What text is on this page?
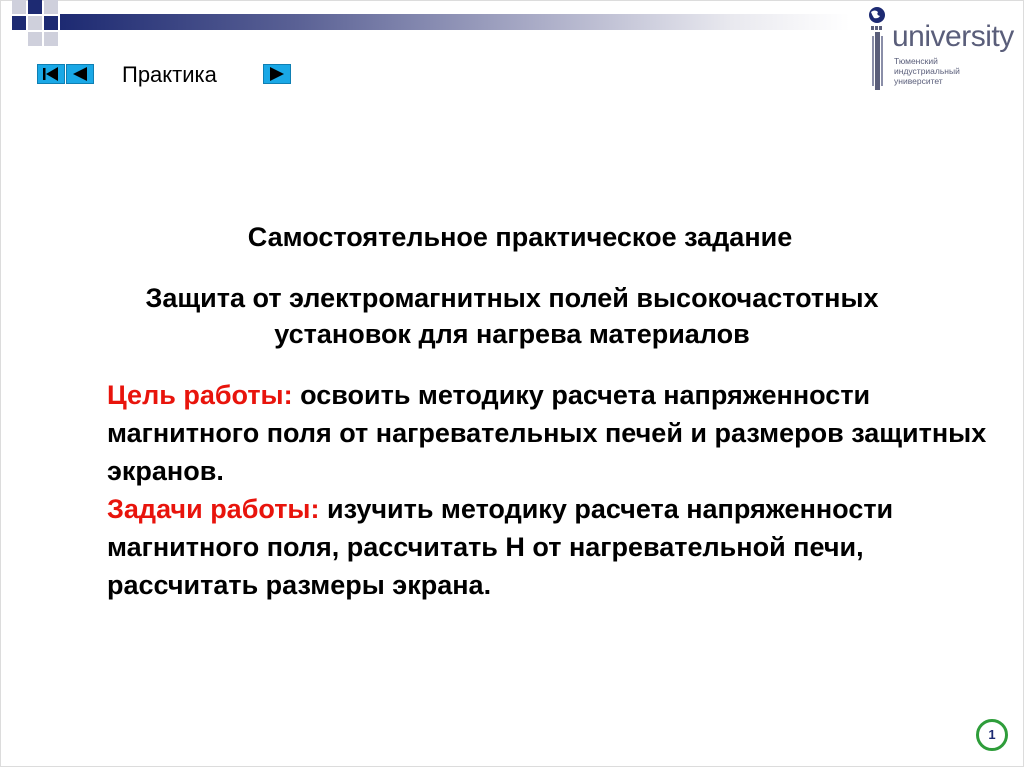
Практика
university
Тюменский
индустриальный
университет
Самостоятельное практическое задание
Защита от электромагнитных полей высокочастотных
установок для нагрева материалов
Цель работы: освоить методику расчета напряженности магнитного поля от нагревательных печей и размеров защитных экранов.
Задачи работы: изучить методику расчета напряженности магнитного поля, рассчитать Н от нагревательной печи, рассчитать размеры экрана.
1
